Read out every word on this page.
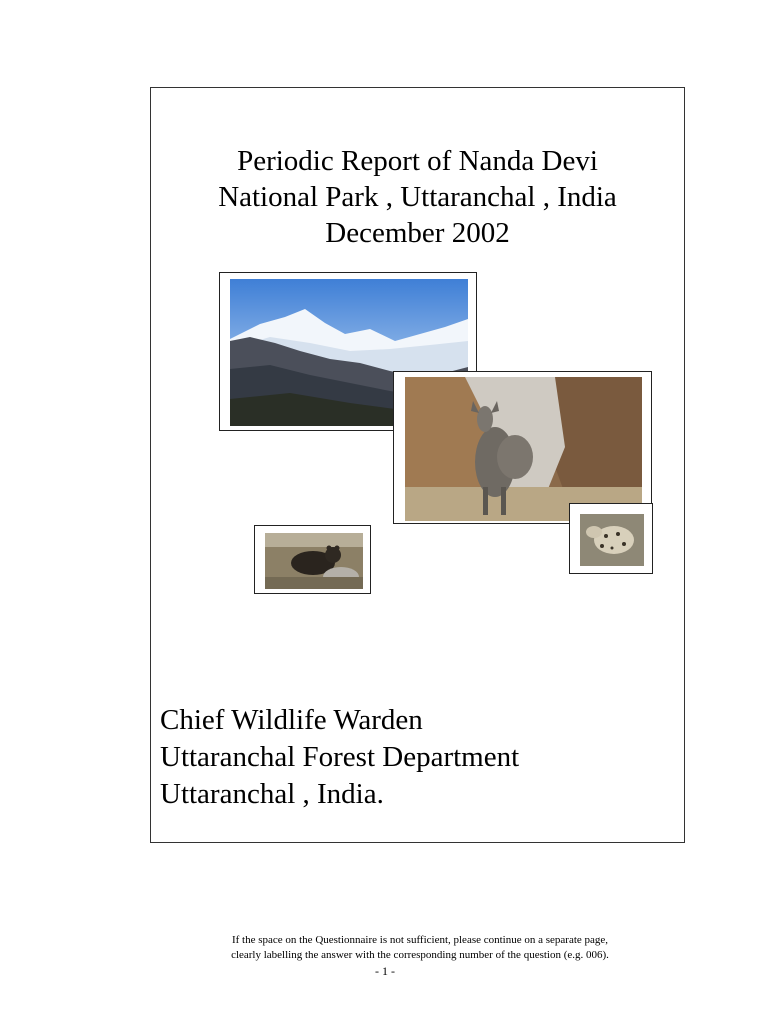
Periodic Report of Nanda Devi
National Park , Uttaranchal , India
December 2002
Chief Wildlife Warden
Uttaranchal Forest Department
Uttaranchal , India.
If the space on the Questionnaire is not sufficient, please continue on a separate page,
clearly labelling the answer with the corresponding number of the question (e.g. 006).
- 1 -
